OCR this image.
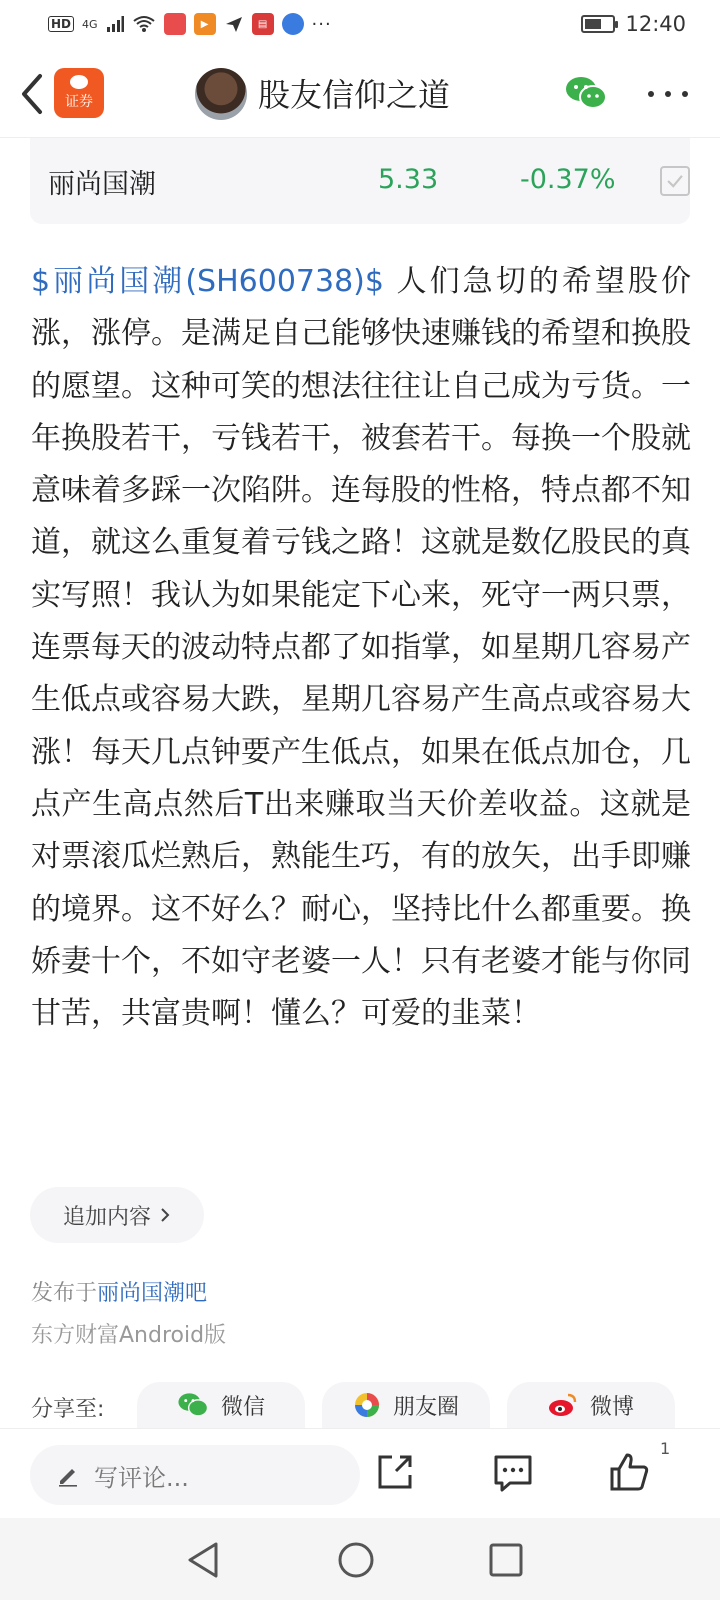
HD 4G	▶	▤	···	12:40
证券	股友信仰之道
丽尚国潮	5.33	-0.37%
$丽尚国潮(SH600738)$ 人们急切的希望股价涨，涨停。是满足自己能够快速赚钱的希望和换股的愿望。这种可笑的想法往往让自己成为亏货。一年换股若干，亏钱若干，被套若干。每换一个股就意味着多踩一次陷阱。连每股的性格，特点都不知道，就这么重复着亏钱之路！这就是数亿股民的真实写照！我认为如果能定下心来，死守一两只票，连票每天的波动特点都了如指掌，如星期几容易产生低点或容易大跌，星期几容易产生高点或容易大涨！每天几点钟要产生低点，如果在低点加仓，几点产生高点然后T出来赚取当天价差收益。这就是对票滚瓜烂熟后，熟能生巧，有的放矢，出手即赚的境界。这不好么？耐心，坚持比什么都重要。换娇妻十个，不如守老婆一人！只有老婆才能与你同甘苦，共富贵啊！懂么？可爱的韭菜！
追加内容
发布于丽尚国潮吧
东方财富Android版
分享至:	微信	朋友圈	微博
写评论...
1
